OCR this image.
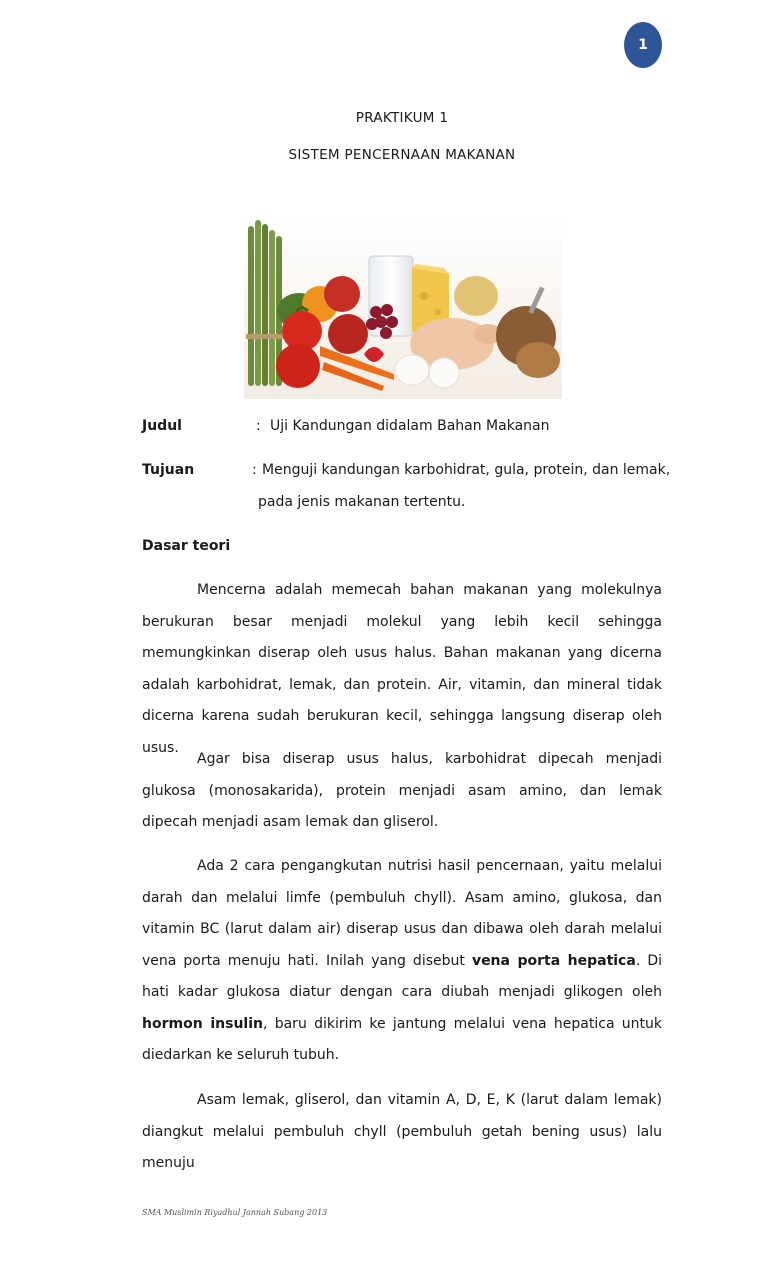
1
PRAKTIKUM 1
SISTEM PENCERNAAN MAKANAN
Judul	: Uji Kandungan didalam Bahan Makanan
Tujuan	: Menguji kandungan karbohidrat, gula, protein, dan lemak,
pada jenis makanan tertentu.
Dasar teori

Mencerna adalah memecah bahan makanan yang molekulnya berukuran besar menjadi molekul yang lebih kecil sehingga memungkinkan diserap oleh usus halus. Bahan makanan yang dicerna adalah karbohidrat, lemak, dan protein. Air, vitamin, dan mineral tidak dicerna karena sudah berukuran kecil, sehingga langsung diserap oleh usus.

Agar bisa diserap usus halus, karbohidrat dipecah menjadi glukosa (monosakarida), protein menjadi asam amino, dan lemak dipecah menjadi asam lemak dan gliserol.

Ada 2 cara pengangkutan nutrisi hasil pencernaan, yaitu melalui darah dan melalui limfe (pembuluh chyll). Asam amino, glukosa, dan vitamin BC (larut dalam air) diserap usus dan dibawa oleh darah melalui vena porta menuju hati. Inilah yang disebut vena porta hepatica. Di hati kadar glukosa diatur dengan cara diubah menjadi glikogen oleh hormon insulin, baru dikirim ke jantung melalui vena hepatica untuk diedarkan ke seluruh tubuh.

Asam lemak, gliserol, dan vitamin A, D, E, K (larut dalam lemak) diangkut melalui pembuluh chyll (pembuluh getah bening usus) lalu menuju

SMA Muslimin Riyadhul Jannah Subang 2013
